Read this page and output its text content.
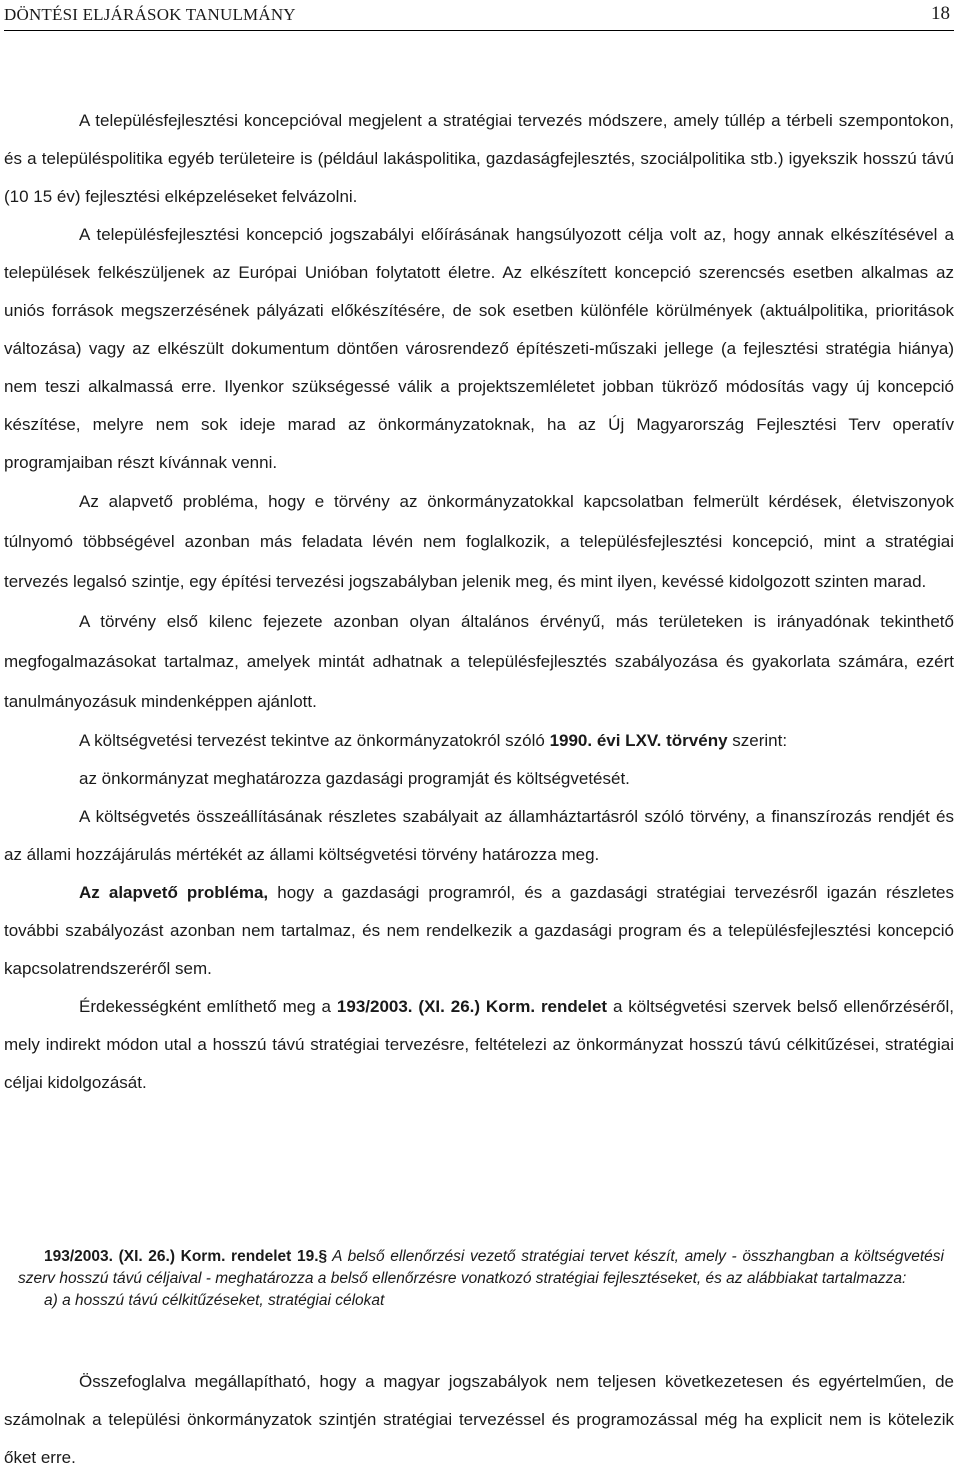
DÖNTÉSI ELJÁRÁSOK TANULMÁNY	18

A településfejlesztési koncepcióval megjelent a stratégiai tervezés módszere, amely túllép a térbeli szempontokon, és a településpolitika egyéb területeire is (például lakáspolitika, gazdaságfejlesztés, szociálpolitika stb.) igyekszik hosszú távú (10 15 év) fejlesztési elképzeléseket felvázolni.

A településfejlesztési koncepció jogszabályi előírásának hangsúlyozott célja volt az, hogy annak elkészítésével a települések felkészüljenek az Európai Unióban folytatott életre. Az elkészített koncepció szerencsés esetben alkalmas az uniós források megszerzésének pályázati előkészítésére, de sok esetben különféle körülmények (aktuálpolitika, prioritások változása) vagy az elkészült dokumentum döntően városrendező építészeti-műszaki jellege (a fejlesztési stratégia hiánya) nem teszi alkalmassá erre. Ilyenkor szükségessé válik a projektszemléletet jobban tükröző módosítás vagy új koncepció készítése, melyre nem sok ideje marad az önkormányzatoknak, ha az Új Magyarország Fejlesztési Terv operatív programjaiban részt kívánnak venni.

Az alapvető probléma, hogy e törvény az önkormányzatokkal kapcsolatban felmerült kérdések, életviszonyok túlnyomó többségével azonban más feladata lévén nem foglalkozik, a településfejlesztési koncepció, mint a stratégiai tervezés legalsó szintje, egy építési tervezési jogszabályban jelenik meg, és mint ilyen, kevéssé kidolgozott szinten marad.

A törvény első kilenc fejezete azonban olyan általános érvényű, más területeken is irányadónak tekinthető megfogalmazásokat tartalmaz, amelyek mintát adhatnak a településfejlesztés szabályozása és gyakorlata számára, ezért tanulmányozásuk mindenképpen ajánlott.

A költségvetési tervezést tekintve az önkormányzatokról szóló 1990. évi LXV. törvény szerint:

az önkormányzat meghatározza gazdasági programját és költségvetését.

A költségvetés összeállításának részletes szabályait az államháztartásról szóló törvény, a finanszírozás rendjét és az állami hozzájárulás mértékét az állami költségvetési törvény határozza meg.

Az alapvető probléma, hogy a gazdasági programról, és a gazdasági stratégiai tervezésről igazán részletes további szabályozást azonban nem tartalmaz, és nem rendelkezik a gazdasági program és a településfejlesztési koncepció kapcsolatrendszeréről sem.

Érdekességként említhető meg a 193/2003. (XI. 26.) Korm. rendelet a költségvetési szervek belső ellenőrzéséről, mely indirekt módon utal a hosszú távú stratégiai tervezésre, feltételezi az önkormányzat hosszú távú célkitűzései, stratégiai céljai kidolgozását.

193/2003. (XI. 26.) Korm. rendelet 19.§ A belső ellenőrzési vezető stratégiai tervet készít, amely - összhangban a költségvetési szerv hosszú távú céljaival - meghatározza a belső ellenőrzésre vonatkozó stratégiai fejlesztéseket, és az alábbiakat tartalmazza:
a) a hosszú távú célkitűzéseket, stratégiai célokat

Összefoglalva megállapítható, hogy a magyar jogszabályok nem teljesen következetesen és egyértelműen, de számolnak a települési önkormányzatok szintjén stratégiai tervezéssel és programozással még ha explicit nem is kötelezik őket erre.
